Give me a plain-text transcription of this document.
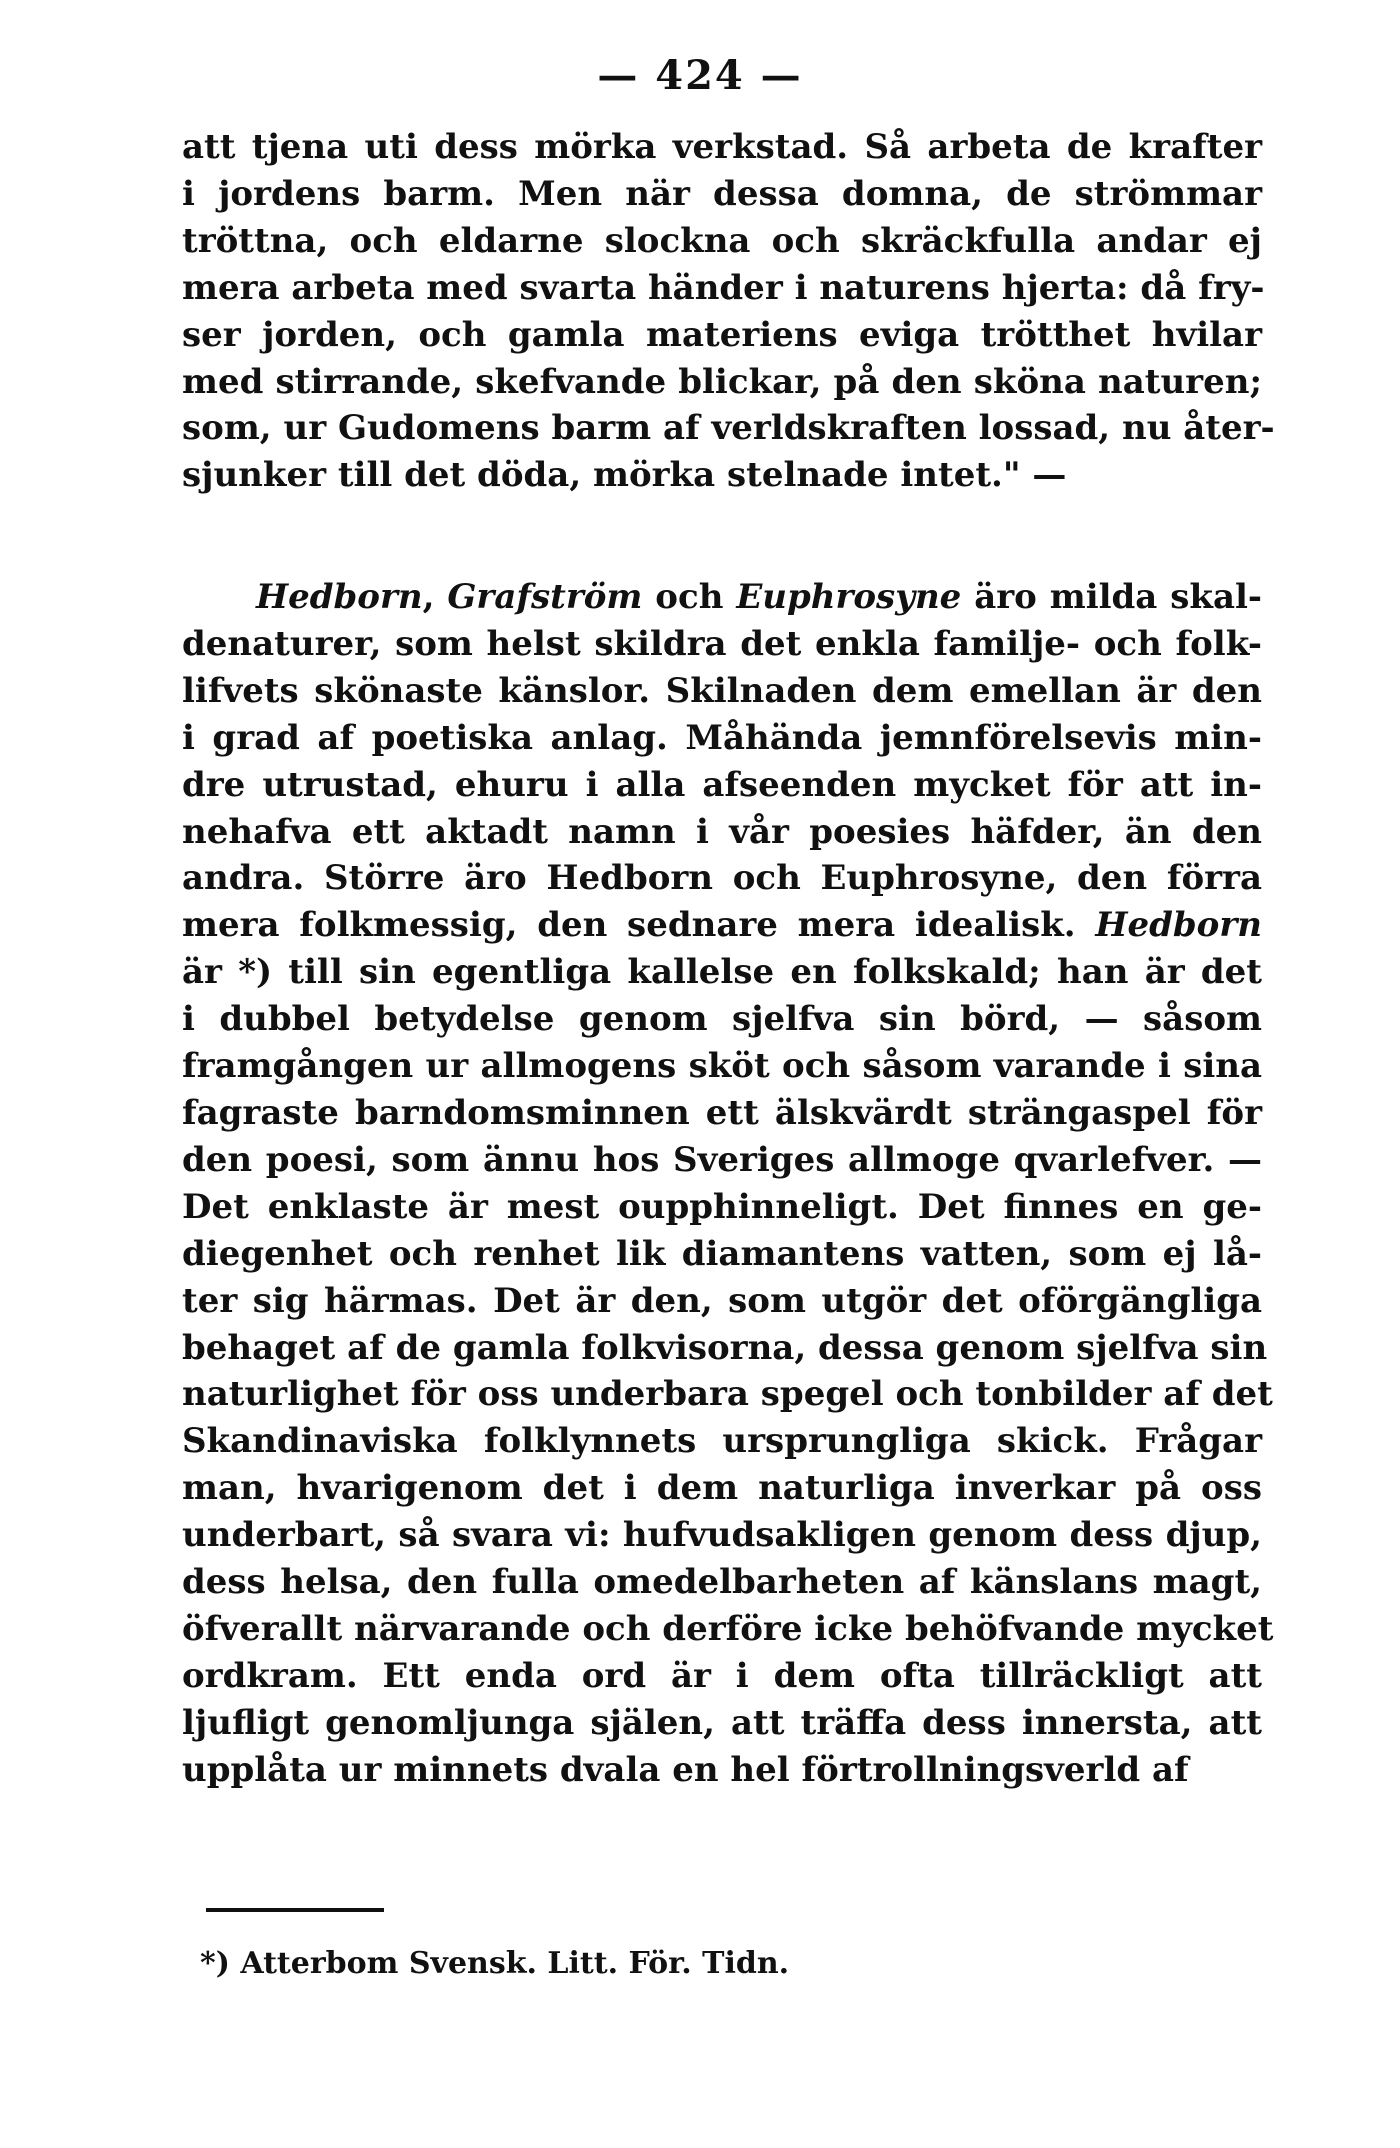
— 424 —
att tjena uti dess mörka verkstad. Så arbeta de krafter
i jordens barm. Men när dessa domna, de strömmar
tröttna, och eldarne slockna och skräckfulla andar ej
mera arbeta med svarta händer i naturens hjerta: då fry-
ser jorden, och gamla materiens eviga trötthet hvilar
med stirrande, skefvande blickar, på den sköna naturen;
som, ur Gudomens barm af verldskraften lossad, nu åter-
sjunker till det döda, mörka stelnade intet." —
Hedborn, Grafström och Euphrosyne äro milda skal-
denaturer, som helst skildra det enkla familje- och folk-
lifvets skönaste känslor. Skilnaden dem emellan är den
i grad af poetiska anlag. Måhända jemnförelsevis min-
dre utrustad, ehuru i alla afseenden mycket för att in-
nehafva ett aktadt namn i vår poesies häfder, än den
andra. Större äro Hedborn och Euphrosyne, den förra
mera folkmessig, den sednare mera idealisk. Hedborn
är *) till sin egentliga kallelse en folkskald; han är det
i dubbel betydelse genom sjelfva sin börd, — såsom
framgången ur allmogens sköt och såsom varande i sina
fagraste barndomsminnen ett älskvärdt strängaspel för
den poesi, som ännu hos Sveriges allmoge qvarlefver. —
Det enklaste är mest oupphinneligt. Det finnes en ge-
diegenhet och renhet lik diamantens vatten, som ej lå-
ter sig härmas. Det är den, som utgör det oförgängliga
behaget af de gamla folkvisorna, dessa genom sjelfva sin
naturlighet för oss underbara spegel och tonbilder af det
Skandinaviska folklynnets ursprungliga skick. Frågar
man, hvarigenom det i dem naturliga inverkar på oss
underbart, så svara vi: hufvudsakligen genom dess djup,
dess helsa, den fulla omedelbarheten af känslans magt,
öfverallt närvarande och derföre icke behöfvande mycket
ordkram. Ett enda ord är i dem ofta tillräckligt att
ljufligt genomljunga själen, att träffa dess innersta, att
upplåta ur minnets dvala en hel förtrollningsverld af
*) Atterbom Svensk. Litt. För. Tidn.
